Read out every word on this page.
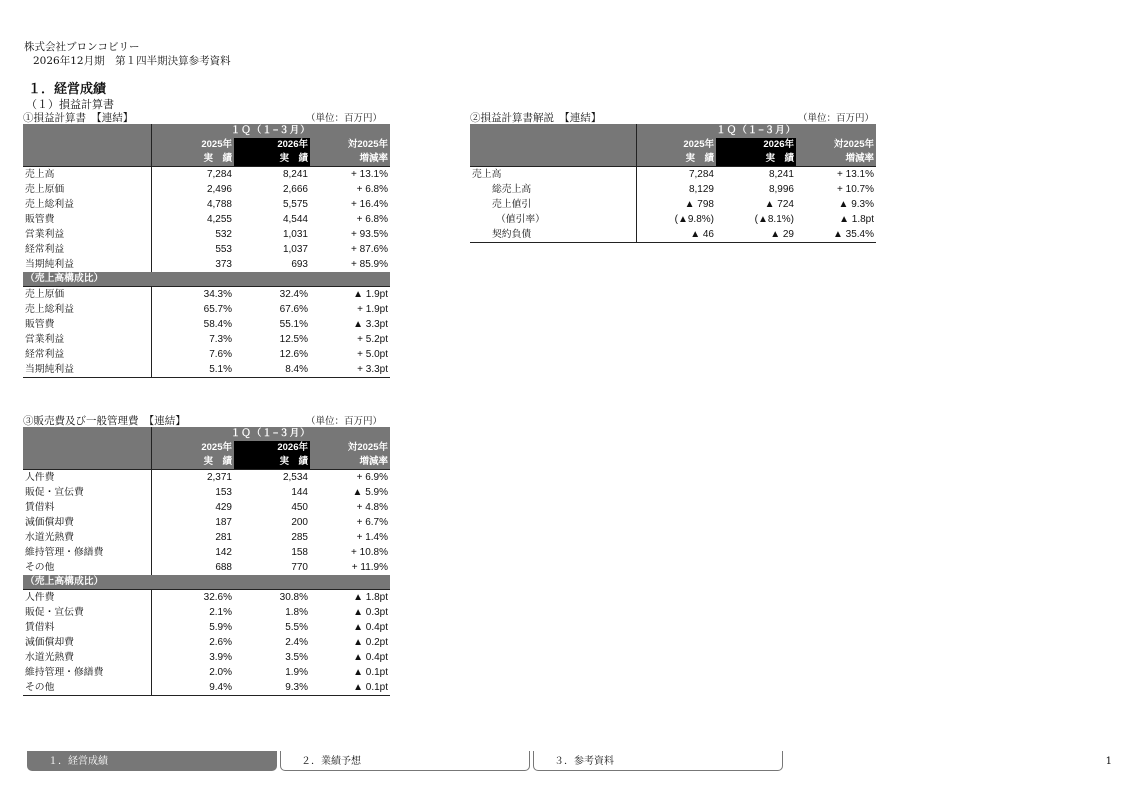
株式会社ブロンコビリー
2026年12月期　第１四半期決算参考資料
１．経営成績
（１）損益計算書
①損益計算書　【連結】	（単位：百万円）
	１Ｑ（１−３月）		
	2025年	2026年	対2025年
	実　績	実　績	増減率
売上高	7,284	8,241	+ 13.1%
売上原価	2,496	2,666	+ 6.8%
売上総利益	4,788	5,575	+ 16.4%
販管費	4,255	4,544	+ 6.8%
営業利益	532	1,031	+ 93.5%
経常利益	553	1,037	+ 87.6%
当期純利益	373	693	+ 85.9%
（売上高構成比）			
売上原価	34.3%	32.4%	▲ 1.9pt
売上総利益	65.7%	67.6%	+ 1.9pt
販管費	58.4%	55.1%	▲ 3.3pt
営業利益	7.3%	12.5%	+ 5.2pt
経常利益	7.6%	12.6%	+ 5.0pt
当期純利益	5.1%	8.4%	+ 3.3pt
②損益計算書解説　【連結】	（単位：百万円）
	１Ｑ（１−３月）		
	2025年	2026年	対2025年
	実　績	実　績	増減率
売上高	7,284	8,241	+ 13.1%
総売上高	8,129	8,996	+ 10.7%
売上値引	▲ 798	▲ 724	▲ 9.3%
（値引率）	(▲9.8%)	(▲8.1%)	▲ 1.8pt
契約負債	▲ 46	▲ 29	▲ 35.4%
③販売費及び一般管理費　【連結】	（単位：百万円）
	１Ｑ（１−３月）		
	2025年	2026年	対2025年
	実　績	実　績	増減率
人件費	2,371	2,534	+ 6.9%
販促・宣伝費	153	144	▲ 5.9%
賃借料	429	450	+ 4.8%
減価償却費	187	200	+ 6.7%
水道光熱費	281	285	+ 1.4%
維持管理・修繕費	142	158	+ 10.8%
その他	688	770	+ 11.9%
（売上高構成比）			
人件費	32.6%	30.8%	▲ 1.8pt
販促・宣伝費	2.1%	1.8%	▲ 0.3pt
賃借料	5.9%	5.5%	▲ 0.4pt
減価償却費	2.6%	2.4%	▲ 0.2pt
水道光熱費	3.9%	3.5%	▲ 0.4pt
維持管理・修繕費	2.0%	1.9%	▲ 0.1pt
その他	9.4%	9.3%	▲ 0.1pt
１．経営成績	２．業績予想	３．参考資料	1
